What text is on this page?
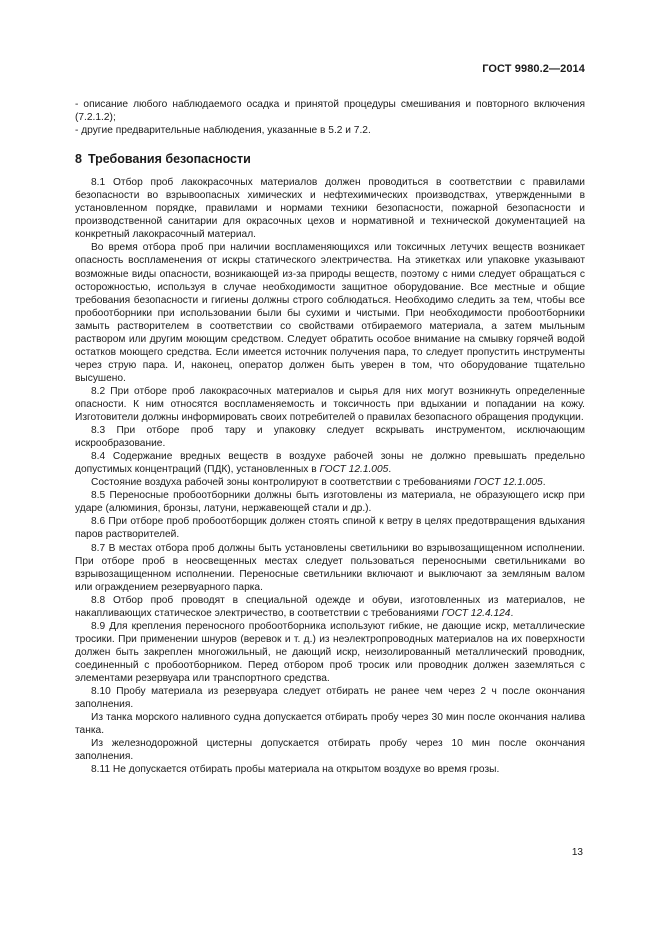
ГОСТ 9980.2—2014

- описание любого наблюдаемого осадка и принятой процедуры смешивания и повторного включения (7.2.1.2);

- другие предварительные наблюдения, указанные в 5.2 и 7.2.

8 Требования безопасности

8.1 Отбор проб лакокрасочных материалов должен проводиться в соответствии с правилами безопасности во взрывоопасных химических и нефтехимических производствах, утвержденными в установленном порядке, правилами и нормами техники безопасности, пожарной безопасности и производственной санитарии для окрасочных цехов и нормативной и технической документацией на конкретный лакокрасочный материал.

Во время отбора проб при наличии воспламеняющихся или токсичных летучих веществ возникает опасность воспламенения от искры статического электричества. На этикетках или упаковке указывают возможные виды опасности, возникающей из-за природы веществ, поэтому с ними следует обращаться с осторожностью, используя в случае необходимости защитное оборудование. Все местные и общие требования безопасности и гигиены должны строго соблюдаться. Необходимо следить за тем, чтобы все пробоотборники при использовании были бы сухими и чистыми. При необходимости пробоотборники замыть растворителем в соответствии со свойствами отбираемого материала, а затем мыльным раствором или другим моющим средством. Следует обратить особое внимание на смывку горячей водой остатков моющего средства. Если имеется источник получения пара, то следует пропустить инструменты через струю пара. И, наконец, оператор должен быть уверен в том, что оборудование тщательно высушено.

8.2 При отборе проб лакокрасочных материалов и сырья для них могут возникнуть определенные опасности. К ним относятся воспламеняемость и токсичность при вдыхании и попадании на кожу. Изготовители должны информировать своих потребителей о правилах безопасного обращения продукции.

8.3 При отборе проб тару и упаковку следует вскрывать инструментом, исключающим искрообразование.

8.4 Содержание вредных веществ в воздухе рабочей зоны не должно превышать предельно допустимых концентраций (ПДК), установленных в ГОСТ 12.1.005.

Состояние воздуха рабочей зоны контролируют в соответствии с требованиями ГОСТ 12.1.005.

8.5 Переносные пробоотборники должны быть изготовлены из материала, не образующего искр при ударе (алюминия, бронзы, латуни, нержавеющей стали и др.).

8.6 При отборе проб пробоотборщик должен стоять спиной к ветру в целях предотвращения вдыхания паров растворителей.

8.7 В местах отбора проб должны быть установлены светильники во взрывозащищенном исполнении. При отборе проб в неосвещенных местах следует пользоваться переносными светильниками во взрывозащищенном исполнении. Переносные светильники включают и выключают за земляным валом или ограждением резервуарного парка.

8.8 Отбор проб проводят в специальной одежде и обуви, изготовленных из материалов, не накапливающих статическое электричество, в соответствии с требованиями ГОСТ 12.4.124.

8.9 Для крепления переносного пробоотборника используют гибкие, не дающие искр, металлические тросики. При применении шнуров (веревок и т. д.) из неэлектропроводных материалов на их поверхности должен быть закреплен многожильный, не дающий искр, неизолированный металлический проводник, соединенный с пробоотборником. Перед отбором проб тросик или проводник должен заземляться с элементами резервуара или транспортного средства.

8.10 Пробу материала из резервуара следует отбирать не ранее чем через 2 ч после окончания заполнения.

Из танка морского наливного судна допускается отбирать пробу через 30 мин после окончания налива танка.

Из железнодорожной цистерны допускается отбирать пробу через 10 мин после окончания заполнения.

8.11 Не допускается отбирать пробы материала на открытом воздухе во время грозы.

13
